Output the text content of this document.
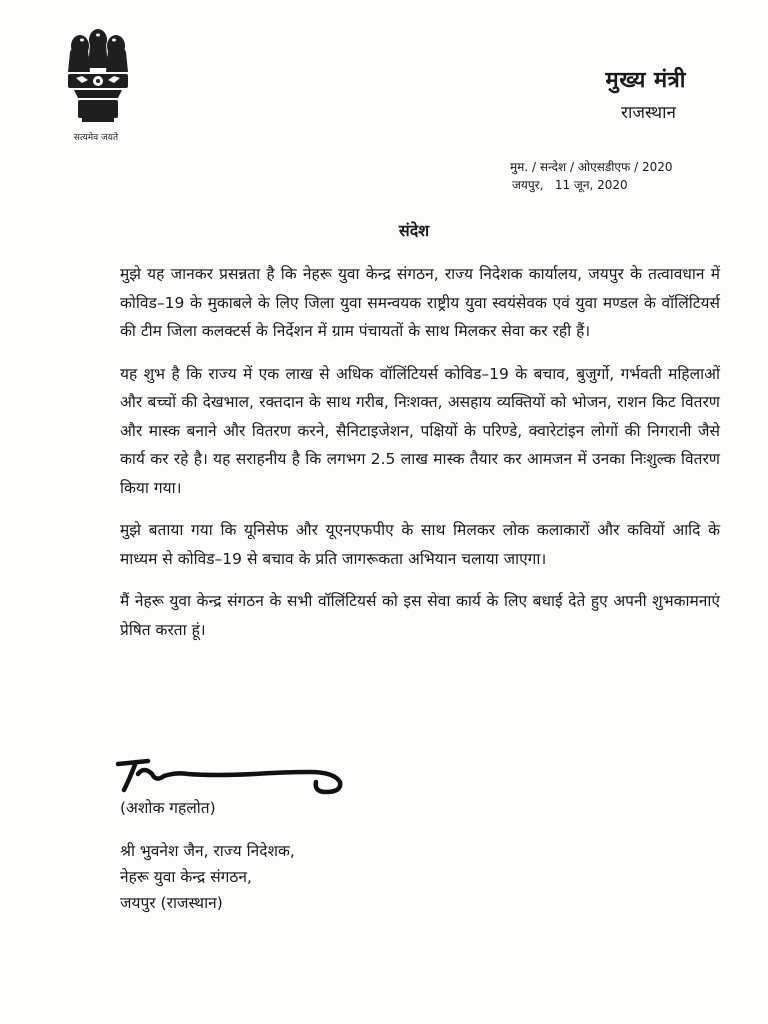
सत्यमेव जयते
मुख्य मंत्री
राजस्थान
मुम. / सन्देश / ओएसडीएफ / 2020
जयपुर,   11 जून, 2020
संदेश

मुझे यह जानकर प्रसन्नता है कि नेहरू युवा केन्द्र संगठन, राज्य निदेशक कार्यालय, जयपुर के तत्वावधान में कोविड–19 के मुकाबले के लिए जिला युवा समन्वयक राष्ट्रीय युवा स्वयंसेवक एवं युवा मण्डल के वॉलिंटियर्स की टीम जिला कलक्टर्स के निर्देशन में ग्राम पंचायतों के साथ मिलकर सेवा कर रही हैं।

यह शुभ है कि राज्य में एक लाख से अधिक वॉलिंटियर्स कोविड–19 के बचाव, बुजुर्गो, गर्भवती महिलाओं और बच्चों की देखभाल, रक्तदान के साथ गरीब, निःशक्त, असहाय व्यक्तियों को भोजन, राशन किट वितरण और मास्क बनाने और वितरण करने, सैनिटाइजेशन, पक्षियों के परिण्डे, क्वारेटांइन लोगों की निगरानी जैसे कार्य कर रहे है। यह सराहनीय है कि लगभग 2.5 लाख मास्क तैयार कर आमजन में उनका निःशुल्क वितरण किया गया।

मुझे बताया गया कि यूनिसेफ और यूएनएफपीए के साथ मिलकर लोक कलाकारों और कवियों आदि के माध्यम से कोविड–19 से बचाव के प्रति जागरूकता अभियान चलाया जाएगा।

मैं नेहरू युवा केन्द्र संगठन के सभी वॉलिंटियर्स को इस सेवा कार्य के लिए बधाई देते हुए अपनी शुभकामनाएं प्रेषित करता हूं।

(अशोक गहलोत)
श्री भुवनेश जैन, राज्य निदेशक,
नेहरू युवा केन्द्र संगठन,
जयपुर (राजस्थान)
